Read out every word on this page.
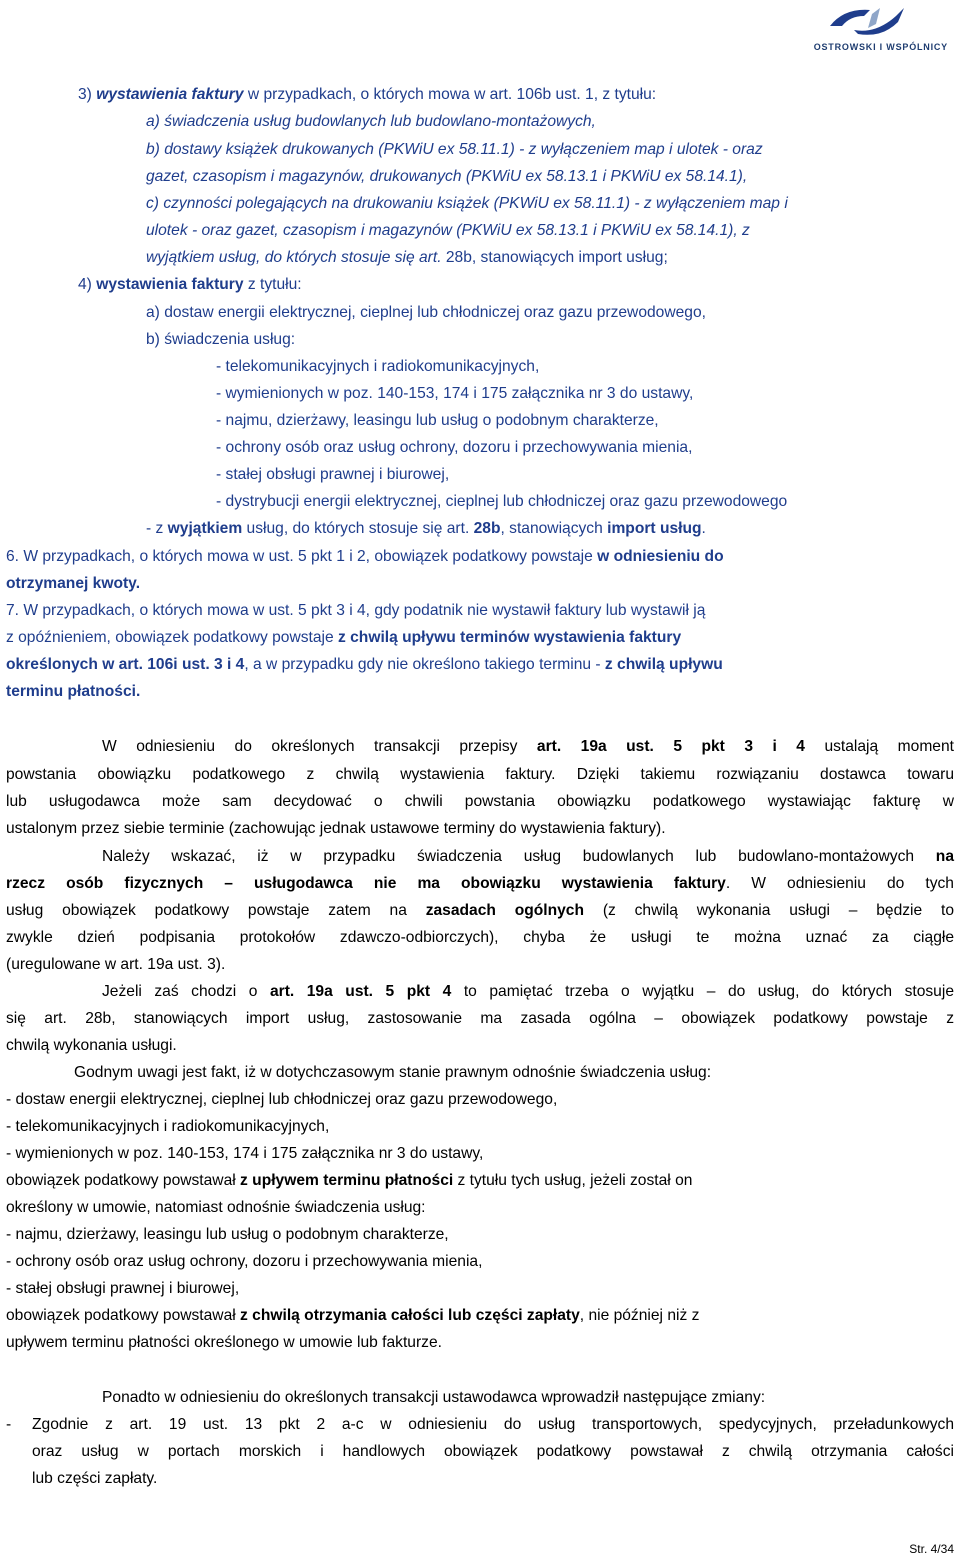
OSTROWSKI I WSPÓLNICY
3) wystawienia faktury w przypadkach, o których mowa w art. 106b ust. 1, z tytułu:
a) świadczenia usług budowlanych lub budowlano-montażowych,
b) dostawy książek drukowanych (PKWiU ex 58.11.1) - z wyłączeniem map i ulotek - oraz
gazet, czasopism i magazynów, drukowanych (PKWiU ex 58.13.1 i PKWiU ex 58.14.1),
c) czynności polegających na drukowaniu książek (PKWiU ex 58.11.1) - z wyłączeniem map i
ulotek - oraz gazet, czasopism i magazynów (PKWiU ex 58.13.1 i PKWiU ex 58.14.1), z
wyjątkiem usług, do których stosuje się art. 28b, stanowiących import usług;
4) wystawienia faktury z tytułu:
a) dostaw energii elektrycznej, cieplnej lub chłodniczej oraz gazu przewodowego,
b) świadczenia usług:
- telekomunikacyjnych i radiokomunikacyjnych,
- wymienionych w poz. 140-153, 174 i 175 załącznika nr 3 do ustawy,
- najmu, dzierżawy, leasingu lub usług o podobnym charakterze,
- ochrony osób oraz usług ochrony, dozoru i przechowywania mienia,
- stałej obsługi prawnej i biurowej,
- dystrybucji energii elektrycznej, cieplnej lub chłodniczej oraz gazu przewodowego
- z wyjątkiem usług, do których stosuje się art. 28b, stanowiących import usług.
6. W przypadkach, o których mowa w ust. 5 pkt 1 i 2, obowiązek podatkowy powstaje w odniesieniu do
otrzymanej kwoty.
7. W przypadkach, o których mowa w ust. 5 pkt 3 i 4, gdy podatnik nie wystawił faktury lub wystawił ją
z opóźnieniem, obowiązek podatkowy powstaje z chwilą upływu terminów wystawienia faktury
określonych w art. 106i ust. 3 i 4, a w przypadku gdy nie określono takiego terminu - z chwilą upływu
terminu płatności.
W odniesieniu do określonych transakcji przepisy art. 19a ust. 5 pkt 3 i 4 ustalają moment
powstania obowiązku podatkowego z chwilą wystawienia faktury. Dzięki takiemu rozwiązaniu dostawca towaru
lub usługodawca może sam decydować o chwili powstania obowiązku podatkowego wystawiając fakturę w
ustalonym przez siebie terminie (zachowując jednak ustawowe terminy do wystawienia faktury).
Należy wskazać, iż w przypadku świadczenia usług budowlanych lub budowlano-montażowych na
rzecz osób fizycznych – usługodawca nie ma obowiązku wystawienia faktury. W odniesieniu do tych
usług obowiązek podatkowy powstaje zatem na zasadach ogólnych (z chwilą wykonania usługi – będzie to
zwykle dzień podpisania protokołów zdawczo-odbiorczych), chyba że usługi te można uznać za ciągłe
(uregulowane w art. 19a ust. 3).
Jeżeli zaś chodzi o art. 19a ust. 5 pkt 4 to pamiętać trzeba o wyjątku – do usług, do których stosuje
się art. 28b, stanowiących import usług, zastosowanie ma zasada ogólna – obowiązek podatkowy powstaje z
chwilą wykonania usługi.
Godnym uwagi jest fakt, iż w dotychczasowym stanie prawnym odnośnie świadczenia usług:
- dostaw energii elektrycznej, cieplnej lub chłodniczej oraz gazu przewodowego,
- telekomunikacyjnych i radiokomunikacyjnych,
- wymienionych w poz. 140-153, 174 i 175 załącznika nr 3 do ustawy,
obowiązek podatkowy powstawał z upływem terminu płatności z tytułu tych usług, jeżeli został on
określony w umowie, natomiast odnośnie świadczenia usług:
- najmu, dzierżawy, leasingu lub usług o podobnym charakterze,
- ochrony osób oraz usług ochrony, dozoru i przechowywania mienia,
- stałej obsługi prawnej i biurowej,
obowiązek podatkowy powstawał z chwilą otrzymania całości lub części zapłaty, nie później niż z
upływem terminu płatności określonego w umowie lub fakturze.
Ponadto w odniesieniu do określonych transakcji ustawodawca wprowadził następujące zmiany:
-	Zgodnie z art. 19 ust. 13 pkt 2 a-c w odniesieniu do usług transportowych, spedycyjnych, przeładunkowych
oraz usług w portach morskich i handlowych obowiązek podatkowy powstawał z chwilą otrzymania całości
lub części zapłaty.
Str. 4/34
